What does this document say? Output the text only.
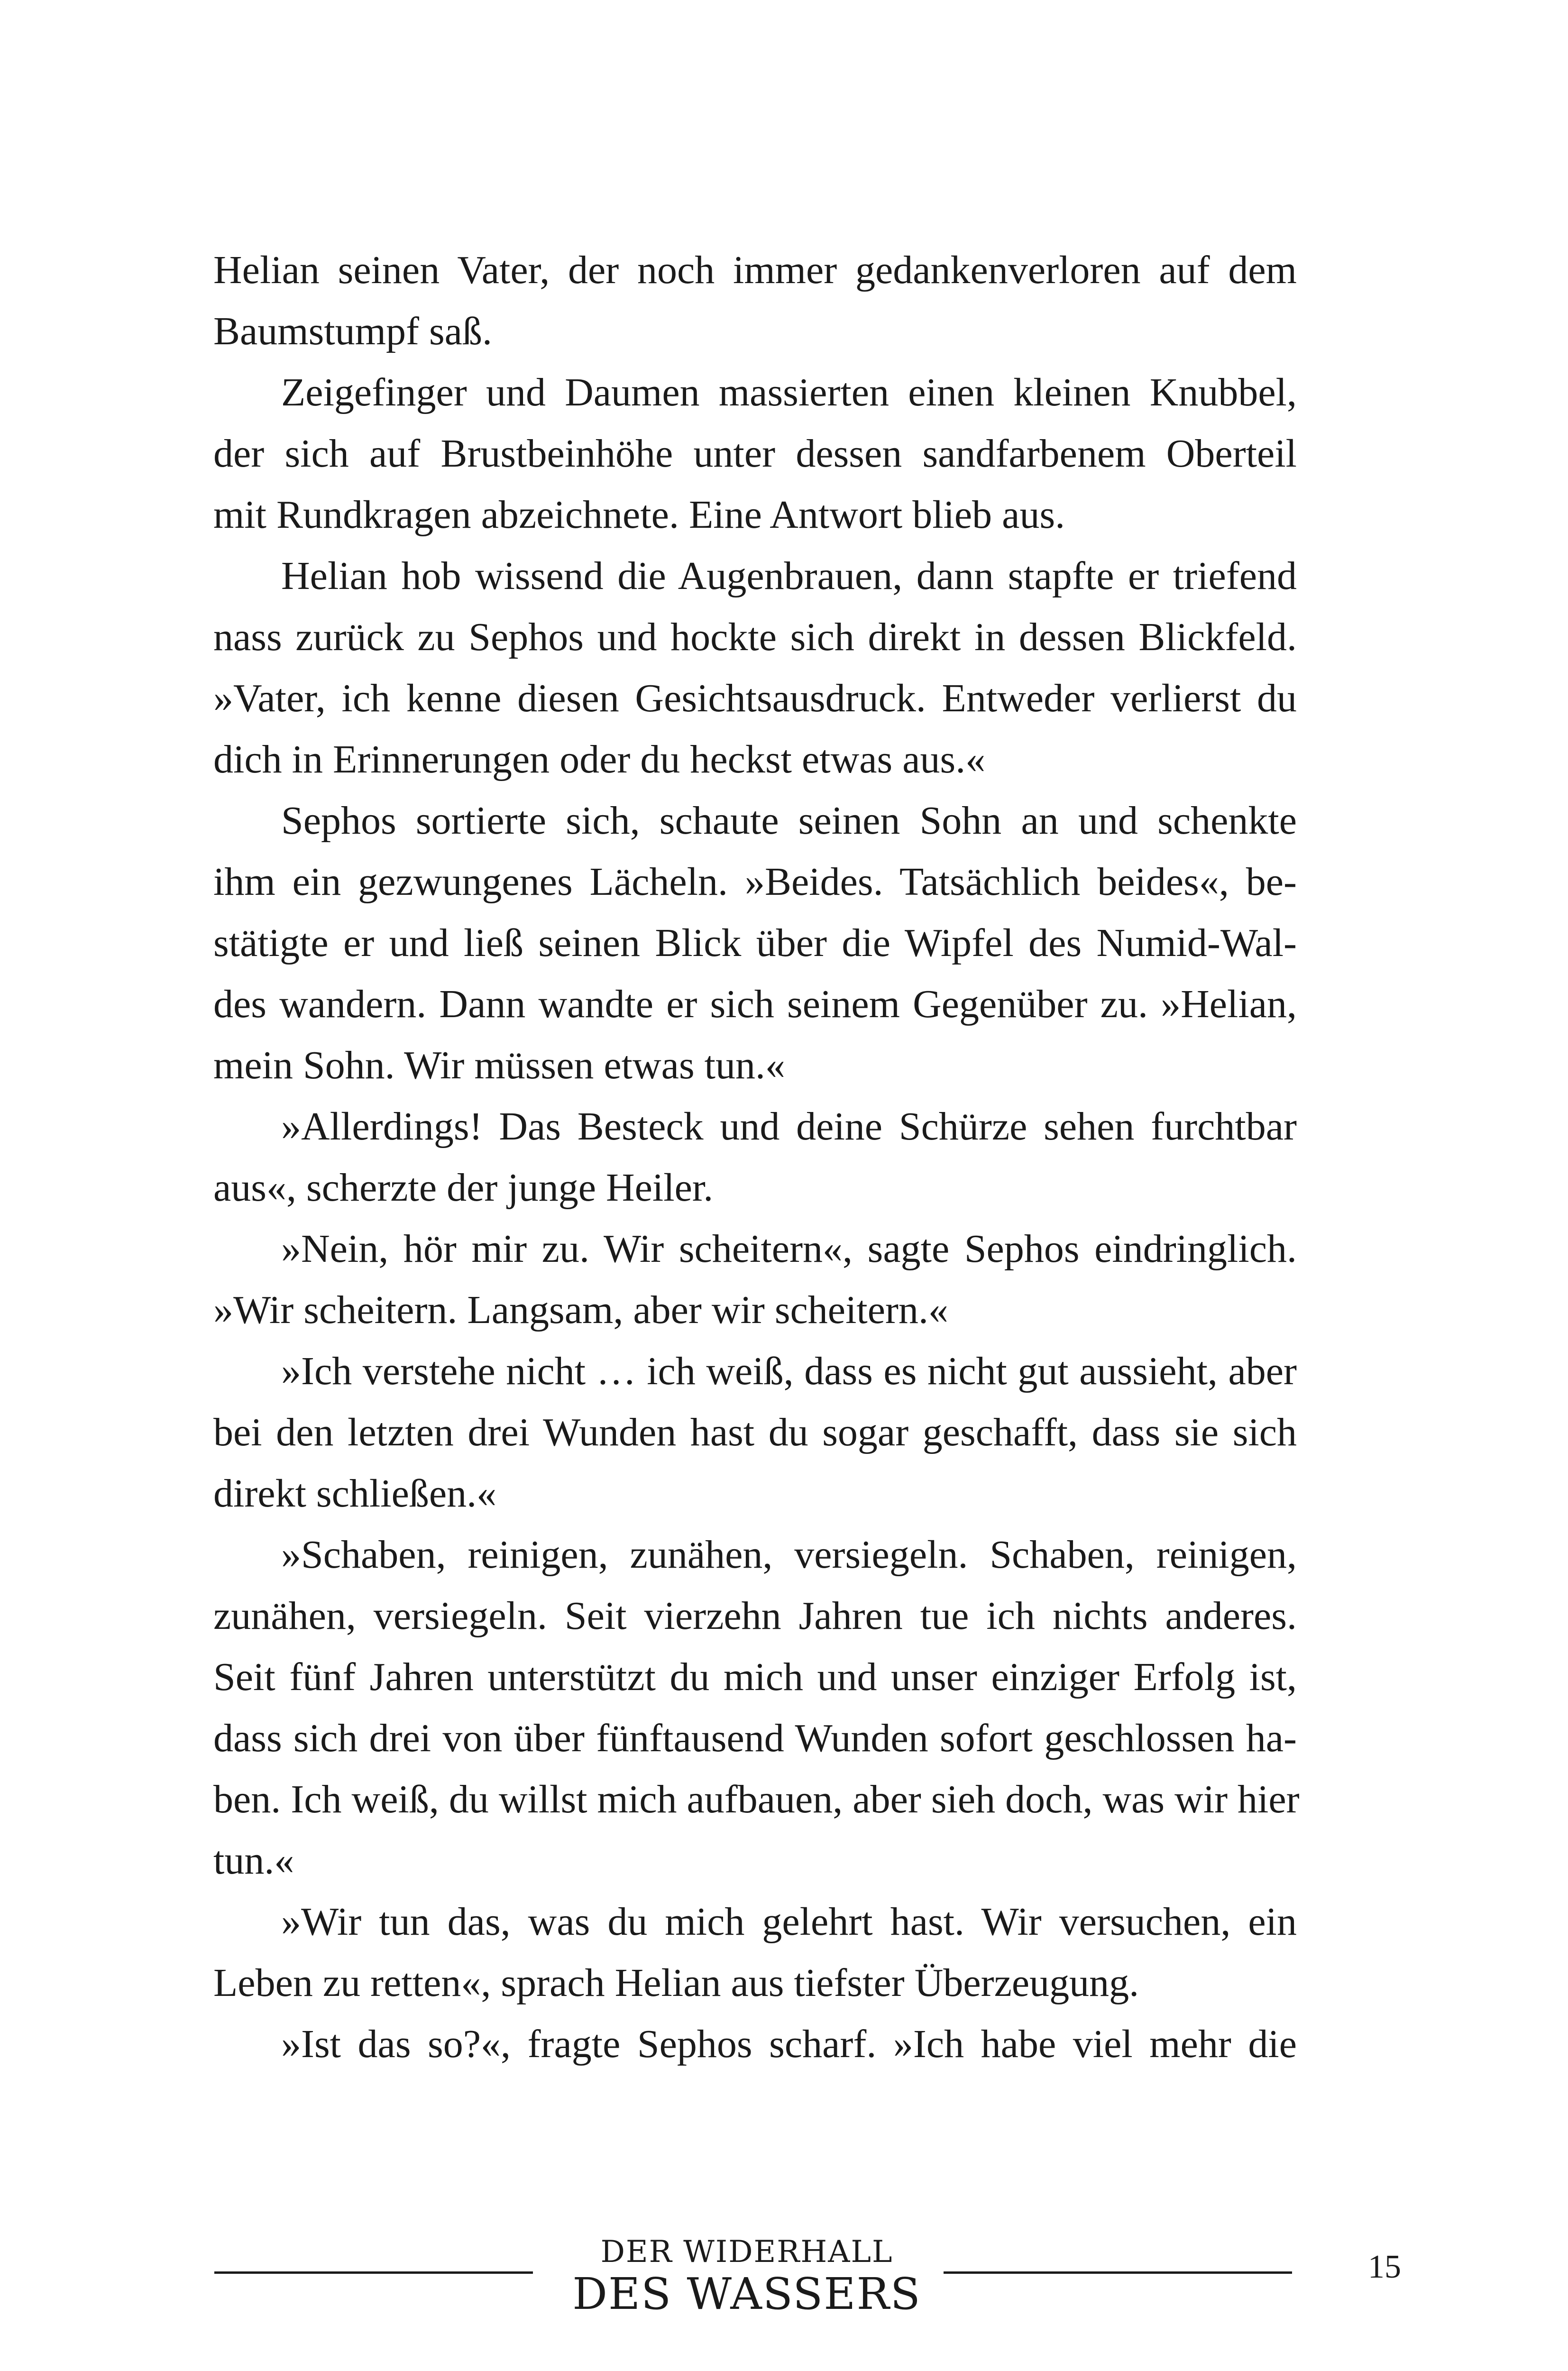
Helian seinen Vater, der noch immer gedankenverloren auf dem
Baumstumpf saß.
Zeigefinger und Daumen massierten einen kleinen Knubbel,
der sich auf Brustbeinhöhe unter dessen sandfarbenem Oberteil
mit Rundkragen abzeichnete. Eine Antwort blieb aus.
Helian hob wissend die Augenbrauen, dann stapfte er triefend
nass zurück zu Sephos und hockte sich direkt in dessen Blickfeld.
»Vater, ich kenne diesen Gesichtsausdruck. Entweder verlierst du
dich in Erinnerungen oder du heckst etwas aus.«
Sephos sortierte sich, schaute seinen Sohn an und schenkte
ihm ein gezwungenes Lächeln. »Beides. Tatsächlich beides«, be-
stätigte er und ließ seinen Blick über die Wipfel des Numid-Wal-
des wandern. Dann wandte er sich seinem Gegenüber zu. »Helian,
mein Sohn. Wir müssen etwas tun.«
»Allerdings! Das Besteck und deine Schürze sehen furchtbar
aus«, scherzte der junge Heiler.
»Nein, hör mir zu. Wir scheitern«, sagte Sephos eindringlich.
»Wir scheitern. Langsam, aber wir scheitern.«
»Ich verstehe nicht … ich weiß, dass es nicht gut aussieht, aber
bei den letzten drei Wunden hast du sogar geschafft, dass sie sich
direkt schließen.«
»Schaben, reinigen, zunähen, versiegeln. Schaben, reinigen,
zunähen, versiegeln. Seit vierzehn Jahren tue ich nichts anderes.
Seit fünf Jahren unterstützt du mich und unser einziger Erfolg ist,
dass sich drei von über fünftausend Wunden sofort geschlossen ha-
ben. Ich weiß, du willst mich aufbauen, aber sieh doch, was wir hier
tun.«
»Wir tun das, was du mich gelehrt hast. Wir versuchen, ein
Leben zu retten«, sprach Helian aus tiefster Überzeugung.
»Ist das so?«, fragte Sephos scharf. »Ich habe viel mehr die
DER WIDERHALL
DES WASSERS
15
